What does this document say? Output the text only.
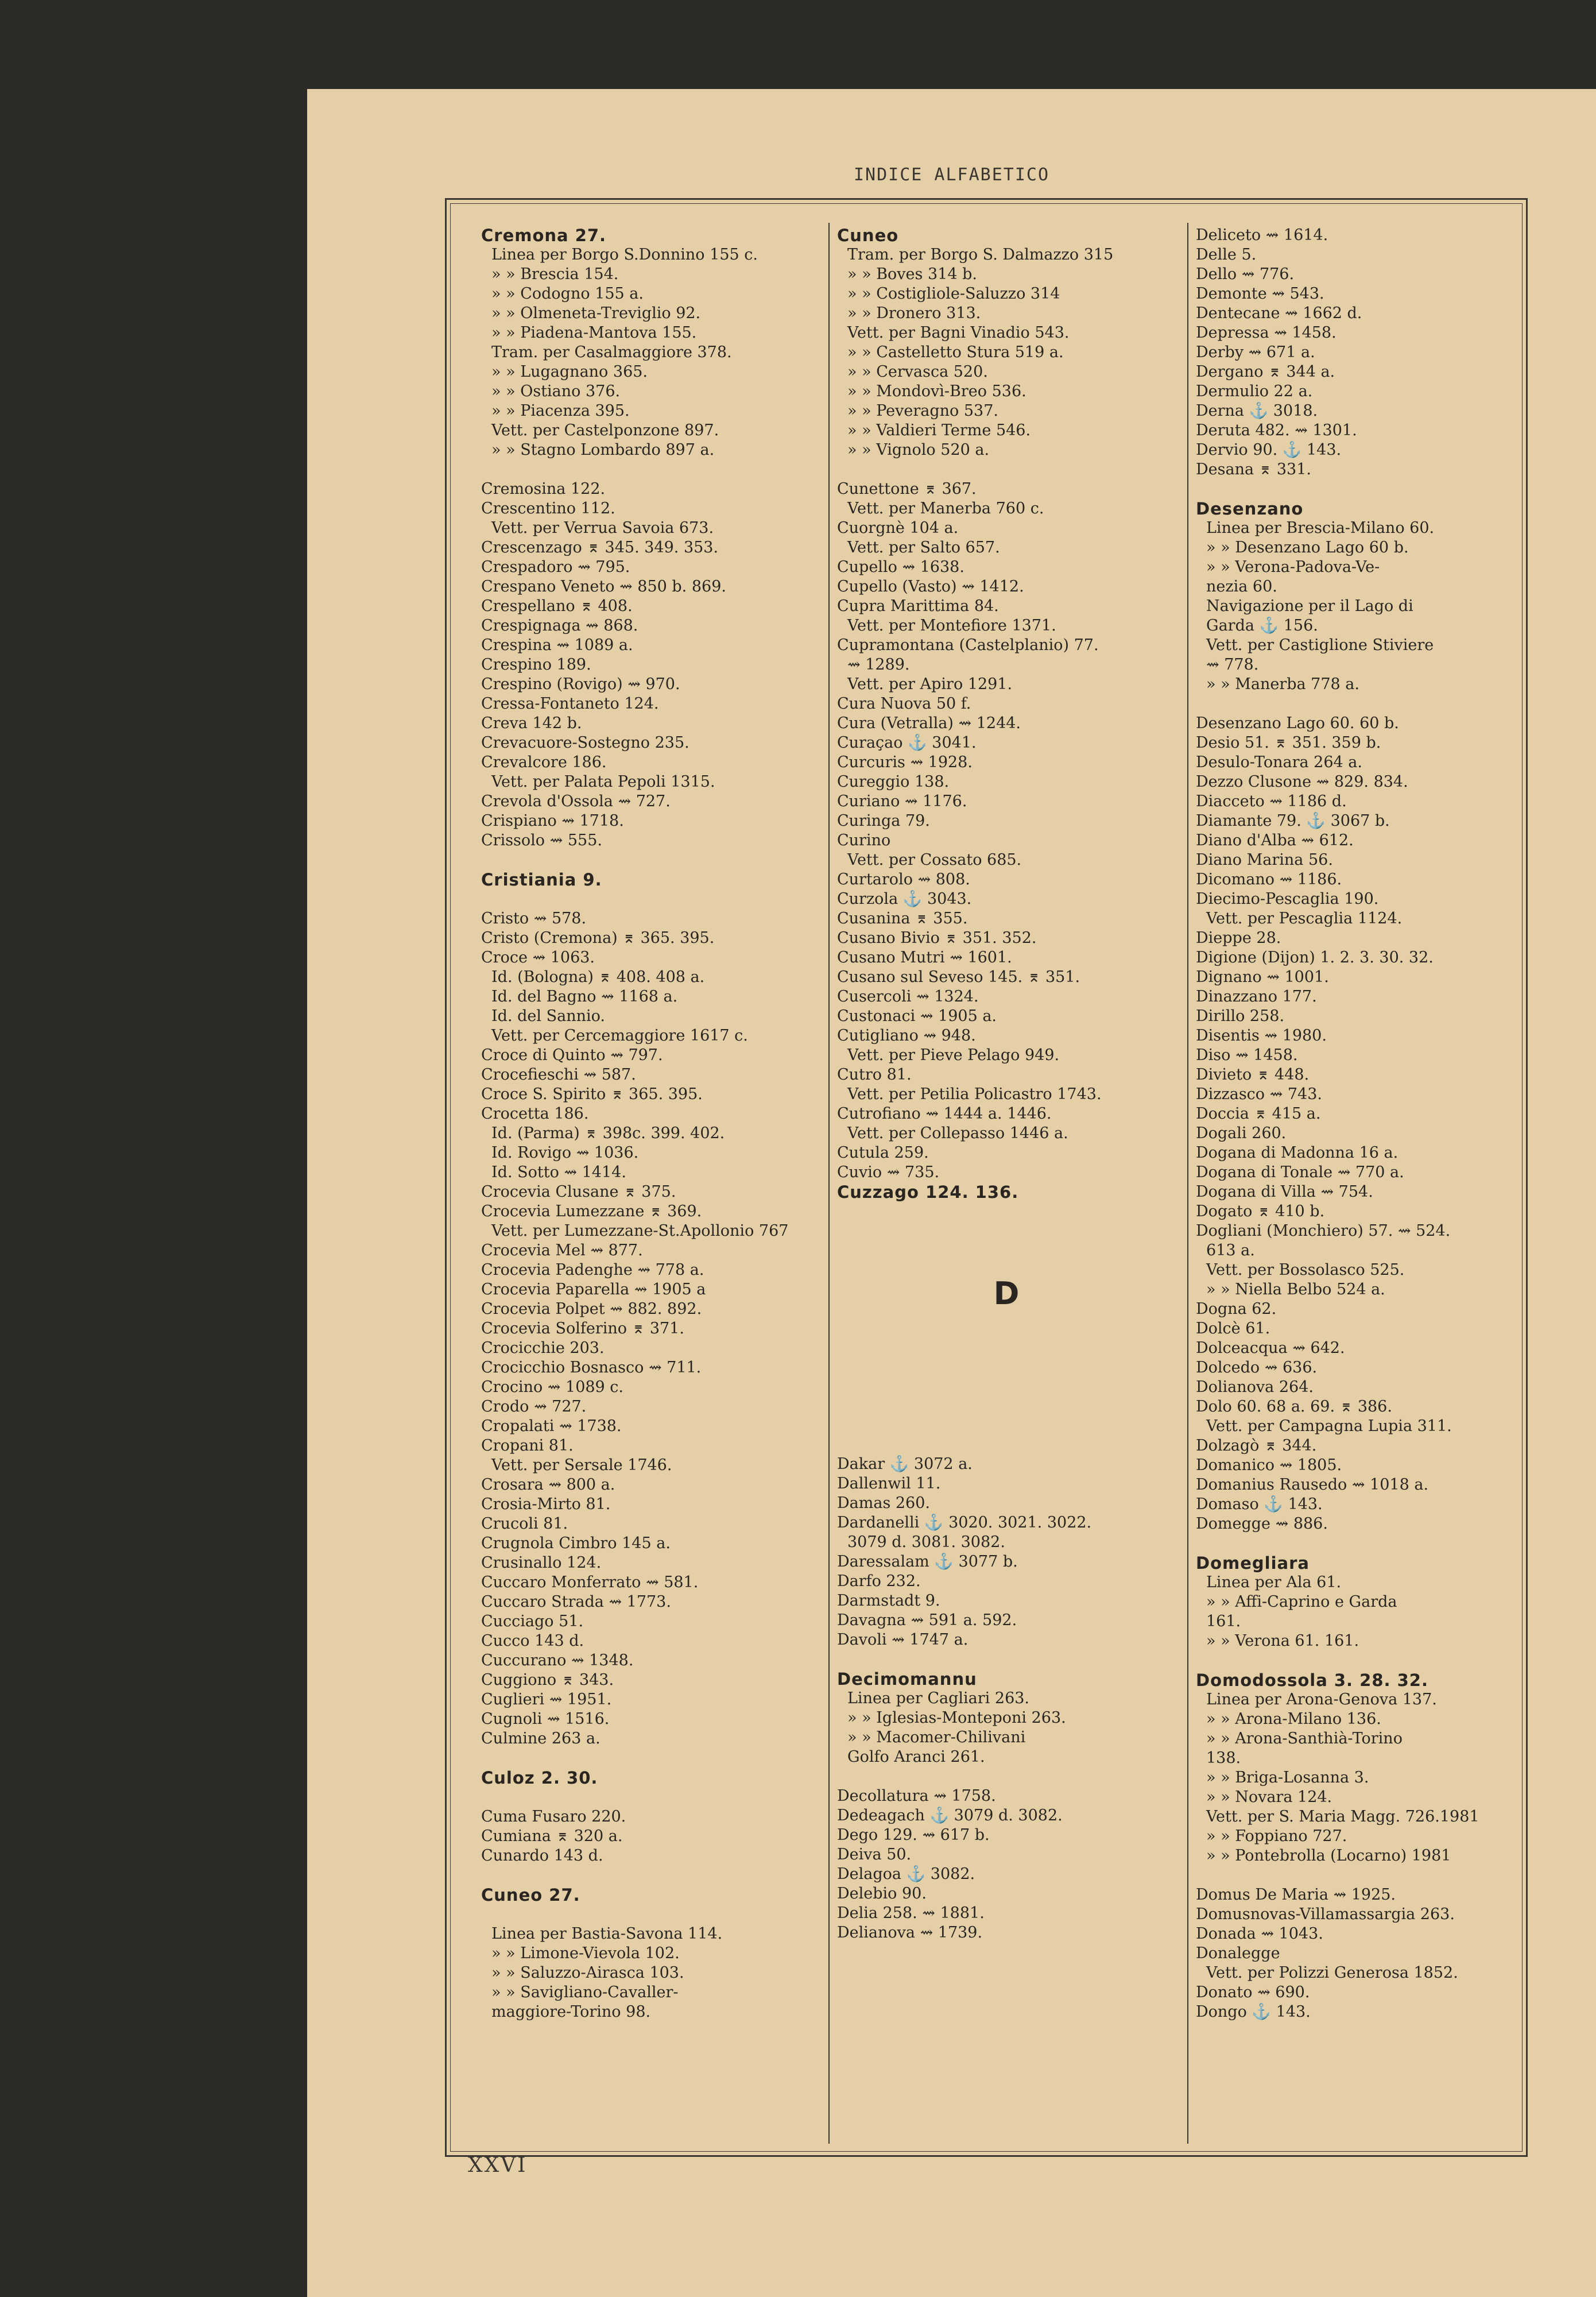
INDICE ALFABETICO
Cremona 27.
Linea per Borgo S.Donnino 155 c.
» » Brescia 154.
» » Codogno 155 a.
» » Olmeneta-Treviglio 92.
» » Piadena-Mantova 155.
Tram. per Casalmaggiore 378.
» » Lugagnano 365.
» » Ostiano 376.
» » Piacenza 395.
Vett. per Castelponzone 897.
» » Stagno Lombardo 897 a.
Cremosina 122.
Crescentino 112.
Vett. per Verrua Savoia 673.
Crescenzago ⌆ 345. 349. 353.
Crespadoro ⇝ 795.
Crespano Veneto ⇝ 850 b. 869.
Crespellano ⌆ 408.
Crespignaga ⇝ 868.
Crespina ⇝ 1089 a.
Crespino 189.
Crespino (Rovigo) ⇝ 970.
Cressa-Fontaneto 124.
Creva 142 b.
Crevacuore-Sostegno 235.
Crevalcore 186.
Vett. per Palata Pepoli 1315.
Crevola d'Ossola ⇝ 727.
Crispiano ⇝ 1718.
Crissolo ⇝ 555.
Cristiania 9.
Cristo ⇝ 578.
Cristo (Cremona) ⌆ 365. 395.
Croce ⇝ 1063.
Id. (Bologna) ⌆ 408. 408 a.
Id. del Bagno ⇝ 1168 a.
Id. del Sannio.
Vett. per Cercemaggiore 1617 c.
Croce di Quinto ⇝ 797.
Crocefieschi ⇝ 587.
Croce S. Spirito ⌆ 365. 395.
Crocetta 186.
Id. (Parma) ⌆ 398c. 399. 402.
Id. Rovigo ⇝ 1036.
Id. Sotto ⇝ 1414.
Crocevia Clusane ⌆ 375.
Crocevia Lumezzane ⌆ 369.
Vett. per Lumezzane-St.Apollonio 767
Crocevia Mel ⇝ 877.
Crocevia Padenghe ⇝ 778 a.
Crocevia Paparella ⇝ 1905 a
Crocevia Polpet ⇝ 882. 892.
Crocevia Solferino ⌆ 371.
Crocicchie 203.
Crocicchio Bosnasco ⇝ 711.
Crocino ⇝ 1089 c.
Crodo ⇝ 727.
Cropalati ⇝ 1738.
Cropani 81.
Vett. per Sersale 1746.
Crosara ⇝ 800 a.
Crosia-Mirto 81.
Crucoli 81.
Crugnola Cimbro 145 a.
Crusinallo 124.
Cuccaro Monferrato ⇝ 581.
Cuccaro Strada ⇝ 1773.
Cucciago 51.
Cucco 143 d.
Cuccurano ⇝ 1348.
Cuggiono ⌆ 343.
Cuglieri ⇝ 1951.
Cugnoli ⇝ 1516.
Culmine 263 a.
Culoz 2. 30.
Cuma Fusaro 220.
Cumiana ⌆ 320 a.
Cunardo 143 d.
Cuneo 27.
Linea per Bastia-Savona 114.
» » Limone-Vievola 102.
» » Saluzzo-Airasca 103.
» » Savigliano-Cavaller-
maggiore-Torino 98.
Cuneo
Tram. per Borgo S. Dalmazzo 315
» » Boves 314 b.
» » Costigliole-Saluzzo 314
» » Dronero 313.
Vett. per Bagni Vinadio 543.
» » Castelletto Stura 519 a.
» » Cervasca 520.
» » Mondovì-Breo 536.
» » Peveragno 537.
» » Valdieri Terme 546.
» » Vignolo 520 a.
Cunettone ⌆ 367.
Vett. per Manerba 760 c.
Cuorgnè 104 a.
Vett. per Salto 657.
Cupello ⇝ 1638.
Cupello (Vasto) ⇝ 1412.
Cupra Marittima 84.
Vett. per Montefiore 1371.
Cupramontana (Castelplanio) 77.
⇝ 1289.
Vett. per Apiro 1291.
Cura Nuova 50 f.
Cura (Vetralla) ⇝ 1244.
Curaçao ⚓ 3041.
Curcuris ⇝ 1928.
Cureggio 138.
Curiano ⇝ 1176.
Curinga 79.
Curino
Vett. per Cossato 685.
Curtarolo ⇝ 808.
Curzola ⚓ 3043.
Cusanina ⌆ 355.
Cusano Bivio ⌆ 351. 352.
Cusano Mutri ⇝ 1601.
Cusano sul Seveso 145. ⌆ 351.
Cusercoli ⇝ 1324.
Custonaci ⇝ 1905 a.
Cutigliano ⇝ 948.
Vett. per Pieve Pelago 949.
Cutro 81.
Vett. per Petilia Policastro 1743.
Cutrofiano ⇝ 1444 a. 1446.
Vett. per Collepasso 1446 a.
Cutula 259.
Cuvio ⇝ 735.
Cuzzago 124. 136.
D
Dakar ⚓ 3072 a.
Dallenwil 11.
Damas 260.
Dardanelli ⚓ 3020. 3021. 3022.
3079 d. 3081. 3082.
Daressalam ⚓ 3077 b.
Darfo 232.
Darmstadt 9.
Davagna ⇝ 591 a. 592.
Davoli ⇝ 1747 a.
Decimomannu
Linea per Cagliari 263.
» » Iglesias-Monteponi 263.
» » Macomer-Chilivani
Golfo Aranci 261.
Decollatura ⇝ 1758.
Dedeagach ⚓ 3079 d. 3082.
Dego 129. ⇝ 617 b.
Deiva 50.
Delagoa ⚓ 3082.
Delebio 90.
Delia 258. ⇝ 1881.
Delianova ⇝ 1739.
Deliceto ⇝ 1614.
Delle 5.
Dello ⇝ 776.
Demonte ⇝ 543.
Dentecane ⇝ 1662 d.
Depressa ⇝ 1458.
Derby ⇝ 671 a.
Dergano ⌆ 344 a.
Dermulio 22 a.
Derna ⚓ 3018.
Deruta 482. ⇝ 1301.
Dervio 90. ⚓ 143.
Desana ⌆ 331.
Desenzano
Linea per Brescia-Milano 60.
» » Desenzano Lago 60 b.
» » Verona-Padova-Ve-
nezia 60.
Navigazione per il Lago di
Garda ⚓ 156.
Vett. per Castiglione Stiviere
⇝ 778.
» » Manerba 778 a.
Desenzano Lago 60. 60 b.
Desio 51. ⌆ 351. 359 b.
Desulo-Tonara 264 a.
Dezzo Clusone ⇝ 829. 834.
Diacceto ⇝ 1186 d.
Diamante 79. ⚓ 3067 b.
Diano d'Alba ⇝ 612.
Diano Marina 56.
Dicomano ⇝ 1186.
Diecimo-Pescaglia 190.
Vett. per Pescaglia 1124.
Dieppe 28.
Digione (Dijon) 1. 2. 3. 30. 32.
Dignano ⇝ 1001.
Dinazzano 177.
Dirillo 258.
Disentis ⇝ 1980.
Diso ⇝ 1458.
Divieto ⌆ 448.
Dizzasco ⇝ 743.
Doccia ⌆ 415 a.
Dogali 260.
Dogana di Madonna 16 a.
Dogana di Tonale ⇝ 770 a.
Dogana di Villa ⇝ 754.
Dogato ⌆ 410 b.
Dogliani (Monchiero) 57. ⇝ 524.
613 a.
Vett. per Bossolasco 525.
» » Niella Belbo 524 a.
Dogna 62.
Dolcè 61.
Dolceacqua ⇝ 642.
Dolcedo ⇝ 636.
Dolianova 264.
Dolo 60. 68 a. 69. ⌆ 386.
Vett. per Campagna Lupia 311.
Dolzagò ⌆ 344.
Domanico ⇝ 1805.
Domanius Rausedo ⇝ 1018 a.
Domaso ⚓ 143.
Domegge ⇝ 886.
Domegliara
Linea per Ala 61.
» » Affi-Caprino e Garda
161.
» » Verona 61. 161.
Domodossola 3. 28. 32.
Linea per Arona-Genova 137.
» » Arona-Milano 136.
» » Arona-Santhià-Torino
138.
» » Briga-Losanna 3.
» » Novara 124.
Vett. per S. Maria Magg. 726.1981
» » Foppiano 727.
» » Pontebrolla (Locarno) 1981
Domus De Maria ⇝ 1925.
Domusnovas-Villamassargia 263.
Donada ⇝ 1043.
Donalegge
Vett. per Polizzi Generosa 1852.
Donato ⇝ 690.
Dongo ⚓ 143.
XXVI
